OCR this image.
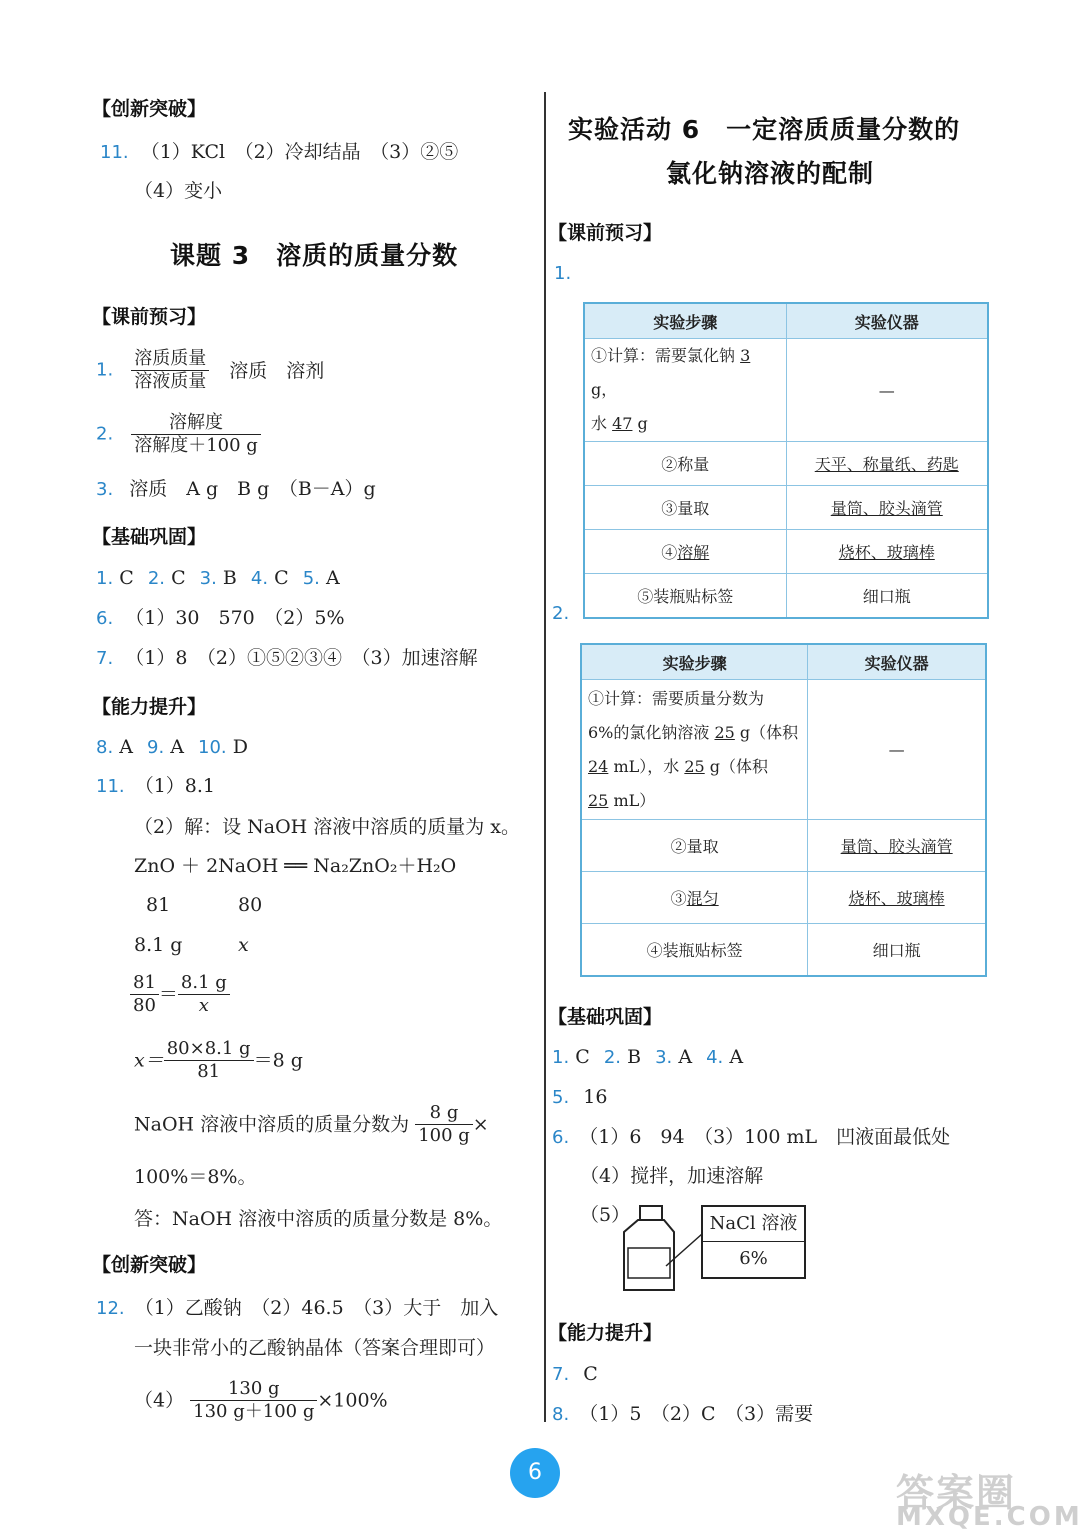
【创新突破】
11. （1）KCl　（2）冷却结晶　（3）②⑤
（4）变小
课题 3　溶质的质量分数
【课前预习】
1. $\frac{\text{溶质质量}}{\text{溶液质量}}$ 溶质　溶剂
2. $\frac{\text{溶解度}}{\text{溶解度＋100 g}}$
3. 溶质　A g　B g　（B－A）g
【基础巩固】
1. C 2. C 3. B 4. C 5. A
6. （1）30　570　（2）5%
7. （1）8　（2）①⑤②③④　（3）加速溶解
【能力提升】
8. A 9. A 10. D
11. （1）8.1
（2）解：设 NaOH 溶液中溶质的质量为 x。
ZnO ＋ 2NaOH ══ Na₂ZnO₂＋H₂O
81	80
8.1 g	x
$\frac{81}{80} = \frac{8.1 g}{x}$
$x= \frac{80\times 8.1 g}{81} =8$ g
NaOH 溶液中溶质的质量分数为 $\frac{8 g}{100 g}$ ×
100%＝8%。
答：NaOH 溶液中溶质的质量分数是 8%。
【创新突破】
12. （1）乙酸钠　（2）46.5　（3）大于　加入
一块非常小的乙酸钠晶体（答案合理即可）
$(4) \frac{130 g}{130 g+100 g} \times 100\%$
实验活动 6　一定溶质质量分数的
氯化钠溶液的配制
【课前预习】
1.
实验步骤	实验仪器

①计算：需要氯化钠 3 g，
水 47 g	—
②称量	天平、称量纸、药匙
③量取	量筒、胶头滴管
④溶解	烧杯、玻璃棒
⑤装瓶贴标签	细口瓶
2.
实验步骤	实验仪器

①计算：需要质量分数为
6%的氯化钠溶液 25 g（体积
24 mL），水 25 g（体积
25 mL）	—
②量取	量筒、胶头滴管
③混匀	烧杯、玻璃棒
④装瓶贴标签	细口瓶
【基础巩固】
1. C 2. B 3. A 4. A
5. 16
6. （1）6　94　（3）100 mL　凹液面最低处
（4）搅拌，加速溶解
（5）	NaCl 溶液
6%
【能力提升】
7. C
8. （1）5　（2）C　（3）需要
6	答案圈
MXQE.COM
